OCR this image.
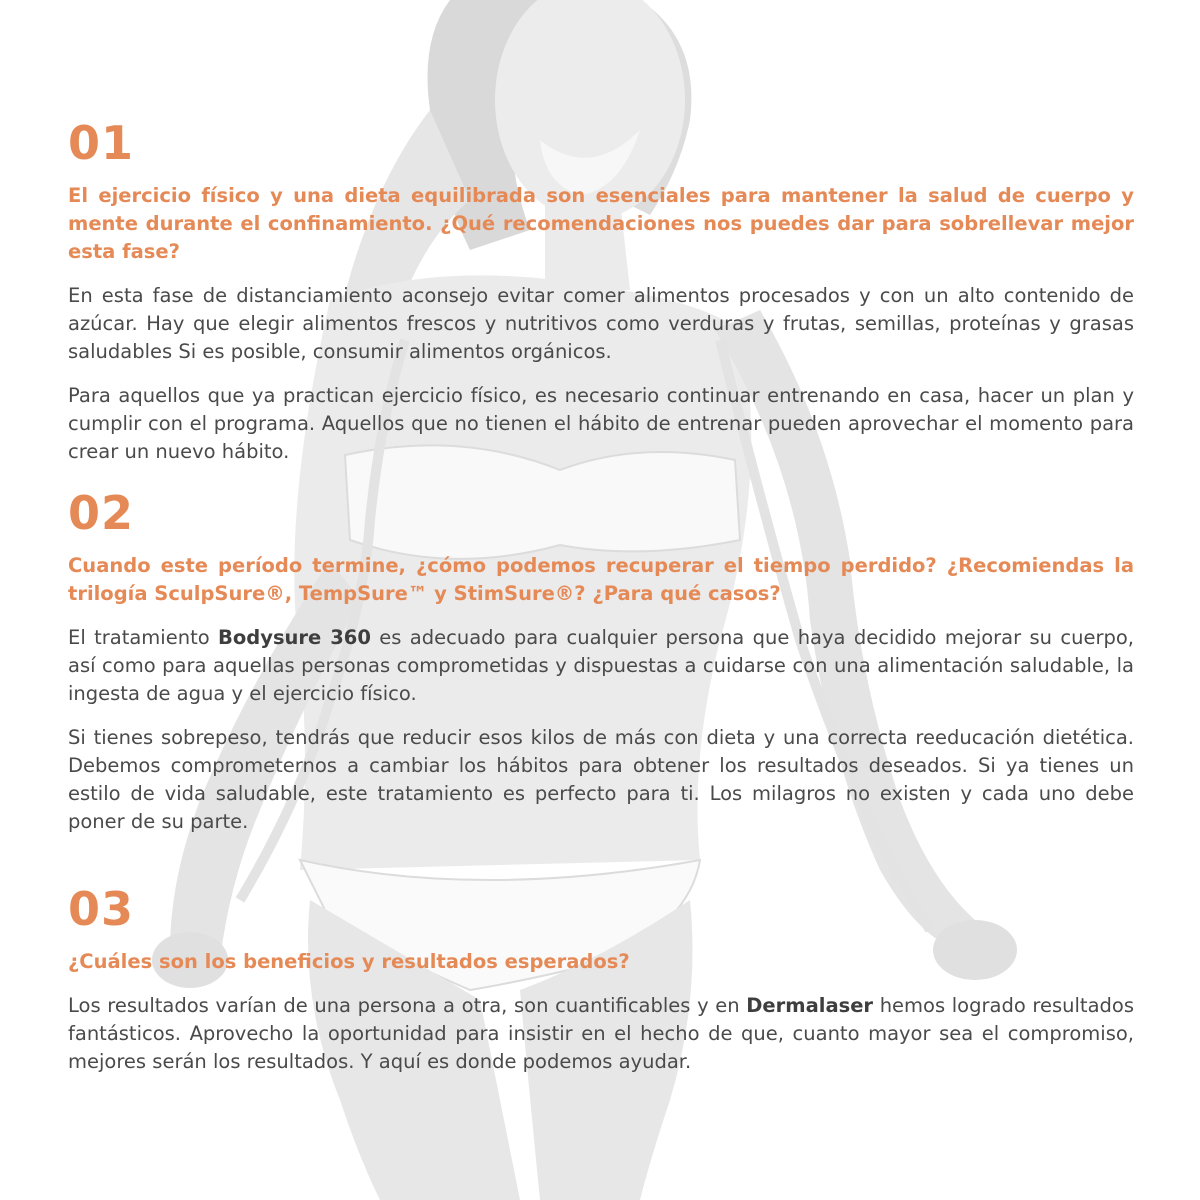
01

El ejercicio físico y una dieta equilibrada son esenciales para mantener la salud de cuerpo y mente durante el confinamiento. ¿Qué recomendaciones nos puedes dar para sobrellevar mejor esta fase?

En esta fase de distanciamiento aconsejo evitar comer alimentos procesados y con un alto contenido de azúcar. Hay que elegir alimentos frescos y nutritivos como verduras y frutas, semillas, proteínas y grasas saludables Si es posible, consumir alimentos orgánicos.

Para aquellos que ya practican ejercicio físico, es necesario continuar entrenando en casa, hacer un plan y cumplir con el programa. Aquellos que no tienen el hábito de entrenar pueden aprovechar el momento para crear un nuevo hábito.

02

Cuando este período termine, ¿cómo podemos recuperar el tiempo perdido? ¿Recomiendas la trilogía SculpSure®, TempSure™ y StimSure®? ¿Para qué casos?

El tratamiento Bodysure 360 es adecuado para cualquier persona que haya decidido mejorar su cuerpo, así como para aquellas personas comprometidas y dispuestas a cuidarse con una alimentación saludable, la ingesta de agua y el ejercicio físico.

Si tienes sobrepeso, tendrás que reducir esos kilos de más con dieta y una correcta reeducación dietética. Debemos comprometernos a cambiar los hábitos para obtener los resultados deseados. Si ya tienes un estilo de vida saludable, este tratamiento es perfecto para ti. Los milagros no existen y cada uno debe poner de su parte.

03

¿Cuáles son los beneficios y resultados esperados?

Los resultados varían de una persona a otra, son cuantificables y en Dermalaser hemos logrado resultados fantásticos. Aprovecho la oportunidad para insistir en el hecho de que, cuanto mayor sea el compromiso, mejores serán los resultados. Y aquí es donde podemos ayudar.
